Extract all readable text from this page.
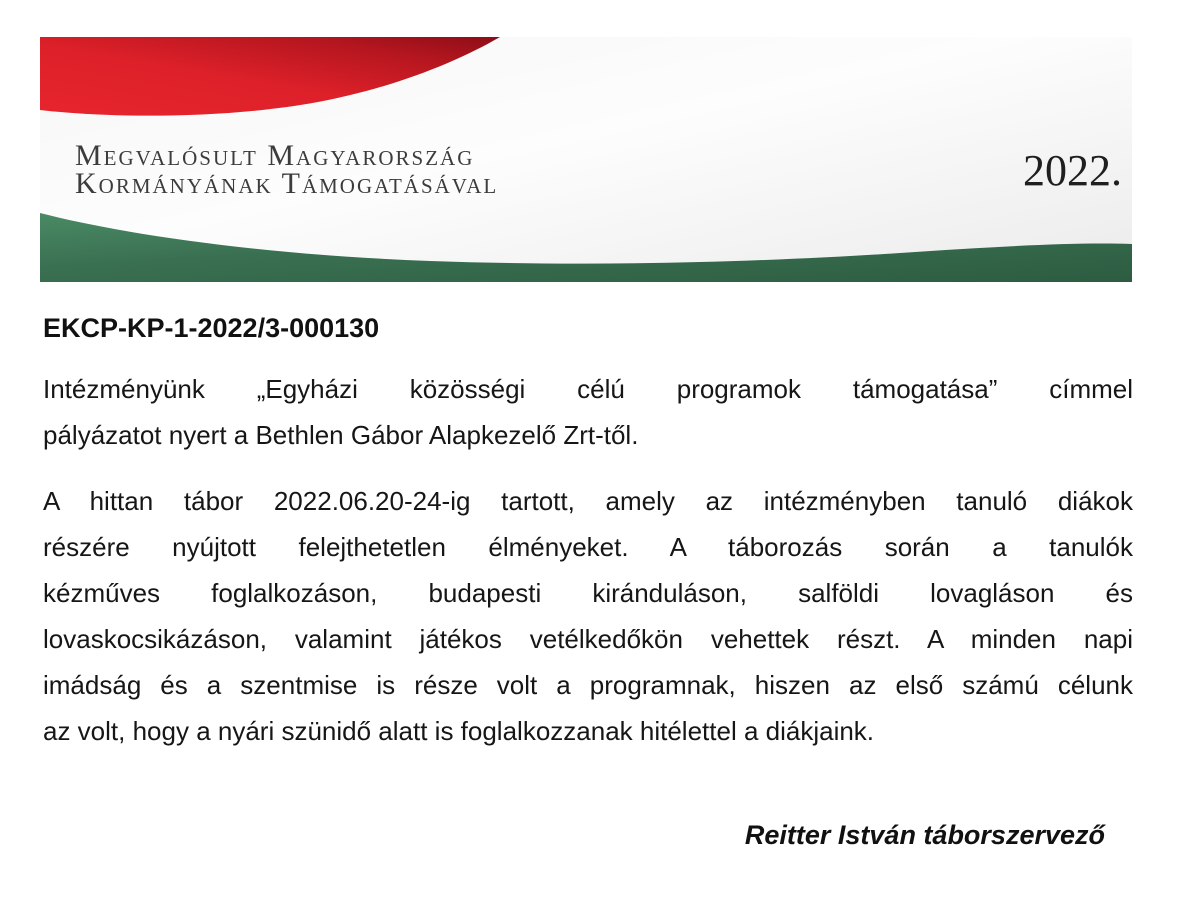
Megvalósult Magyarország
Kormányának Támogatásával	2022.
EKCP-KP-1-2022/3-000130
Intézményünk „Egyházi közösségi célú programok támogatása” címmel
pályázatot nyert a Bethlen Gábor Alapkezelő Zrt-től.
A hittan tábor 2022.06.20-24-ig tartott, amely az intézményben tanuló diákok
részére nyújtott felejthetetlen élményeket. A táborozás során a tanulók
kézműves foglalkozáson, budapesti kiránduláson, salföldi lovagláson és
lovaskocsikázáson, valamint játékos vetélkedőkön vehettek részt. A minden napi
imádság és a szentmise is része volt a programnak, hiszen az első számú célunk
az volt, hogy a nyári szünidő alatt is foglalkozzanak hitélettel a diákjaink.
Reitter István táborszervező
